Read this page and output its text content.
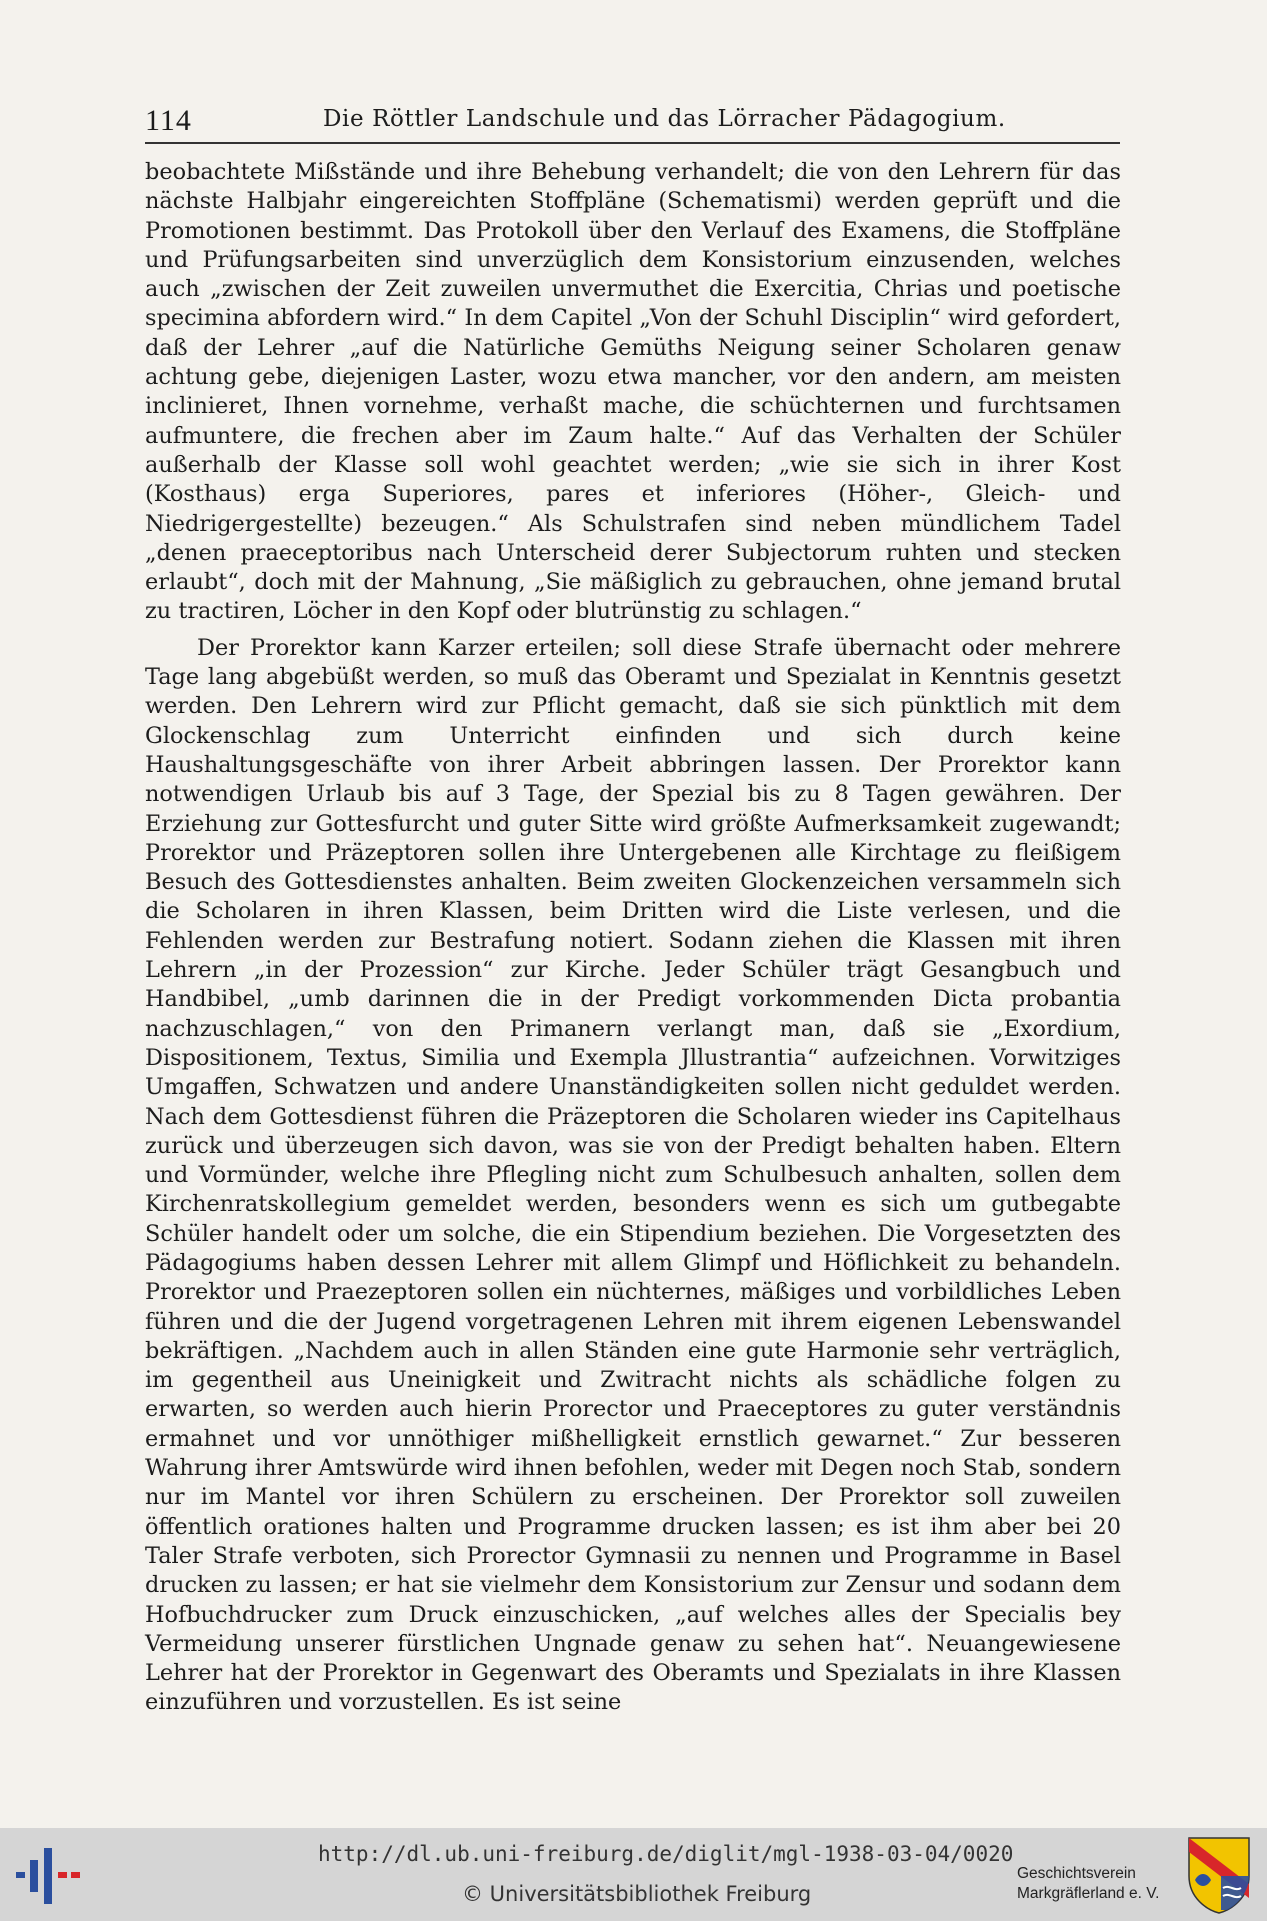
114	Die Röttler Landschule und das Lörracher Pädagogium.

beobachtete Mißstände und ihre Behebung verhandelt; die von den Lehrern für das nächste Halbjahr eingereichten Stoffpläne (Schematismi) werden geprüft und die Promotionen bestimmt. Das Protokoll über den Verlauf des Examens, die Stoffpläne und Prüfungsarbeiten sind unverzüglich dem Konsistorium einzusenden, welches auch „zwischen der Zeit zuweilen unvermuthet die Exercitia, Chrias und poetische specimina abfordern wird.“ In dem Capitel „Von der Schuhl Disciplin“ wird gefordert, daß der Lehrer „auf die Natürliche Gemüths Neigung seiner Scholaren genaw achtung gebe, diejenigen Laster, wozu etwa mancher, vor den andern, am meisten inclinieret, Ihnen vornehme, verhaßt mache, die schüchternen und furchtsamen aufmuntere, die frechen aber im Zaum halte.“ Auf das Verhalten der Schüler außerhalb der Klasse soll wohl geachtet werden; „wie sie sich in ihrer Kost (Kosthaus) erga Superiores, pares et inferiores (Höher-, Gleich- und Niedrigergestellte) bezeugen.“ Als Schulstrafen sind neben mündlichem Tadel „denen praeceptoribus nach Unterscheid derer Subjectorum ruhten und stecken erlaubt“, doch mit der Mahnung, „Sie mäßiglich zu gebrauchen, ohne jemand brutal zu tractiren, Löcher in den Kopf oder blutrünstig zu schlagen.“

Der Prorektor kann Karzer erteilen; soll diese Strafe übernacht oder mehrere Tage lang abgebüßt werden, so muß das Oberamt und Spezialat in Kenntnis gesetzt werden. Den Lehrern wird zur Pflicht gemacht, daß sie sich pünktlich mit dem Glockenschlag zum Unterricht einfinden und sich durch keine Haushaltungsgeschäfte von ihrer Arbeit abbringen lassen. Der Prorektor kann notwendigen Urlaub bis auf 3 Tage, der Spezial bis zu 8 Tagen gewähren. Der Erziehung zur Gottesfurcht und guter Sitte wird größte Aufmerksamkeit zugewandt; Prorektor und Präzeptoren sollen ihre Untergebenen alle Kirchtage zu fleißigem Besuch des Gottesdienstes anhalten. Beim zweiten Glockenzeichen versammeln sich die Scholaren in ihren Klassen, beim Dritten wird die Liste verlesen, und die Fehlenden werden zur Bestrafung notiert. Sodann ziehen die Klassen mit ihren Lehrern „in der Prozession“ zur Kirche. Jeder Schüler trägt Gesangbuch und Handbibel, „umb darinnen die in der Predigt vorkommenden Dicta probantia nachzuschlagen,“ von den Primanern verlangt man, daß sie „Exordium, Dispositionem, Textus, Similia und Exempla Jllustrantia“ aufzeichnen. Vorwitziges Umgaffen, Schwatzen und andere Unanständigkeiten sollen nicht geduldet werden. Nach dem Gottesdienst führen die Präzeptoren die Scholaren wieder ins Capitelhaus zurück und überzeugen sich davon, was sie von der Predigt behalten haben. Eltern und Vormünder, welche ihre Pflegling nicht zum Schulbesuch anhalten, sollen dem Kirchenratskollegium gemeldet werden, besonders wenn es sich um gutbegabte Schüler handelt oder um solche, die ein Stipendium beziehen. Die Vorgesetzten des Pädagogiums haben dessen Lehrer mit allem Glimpf und Höflichkeit zu behandeln. Prorektor und Praezeptoren sollen ein nüchternes, mäßiges und vorbildliches Leben führen und die der Jugend vorgetragenen Lehren mit ihrem eigenen Lebenswandel bekräftigen. „Nachdem auch in allen Ständen eine gute Harmonie sehr verträglich, im gegentheil aus Uneinigkeit und Zwitracht nichts als schädliche folgen zu erwarten, so werden auch hierin Prorector und Praeceptores zu guter verständnis ermahnet und vor unnöthiger mißhelligkeit ernstlich gewarnet.“ Zur besseren Wahrung ihrer Amtswürde wird ihnen befohlen, weder mit Degen noch Stab, sondern nur im Mantel vor ihren Schülern zu erscheinen. Der Prorektor soll zuweilen öffentlich orationes halten und Programme drucken lassen; es ist ihm aber bei 20 Taler Strafe verboten, sich Prorector Gymnasii zu nennen und Programme in Basel drucken zu lassen; er hat sie vielmehr dem Konsistorium zur Zensur und sodann dem Hofbuchdrucker zum Druck einzuschicken, „auf welches alles der Specialis bey Vermeidung unserer fürstlichen Ungnade genaw zu sehen hat“. Neuangewiesene Lehrer hat der Prorektor in Gegenwart des Oberamts und Spezialats in ihre Klassen einzuführen und vorzustellen. Es ist seine

http://dl.ub.uni-freiburg.de/diglit/mgl-1938-03-04/0020
© Universitätsbibliothek Freiburg
Geschichtsverein
Markgräflerland e. V.
